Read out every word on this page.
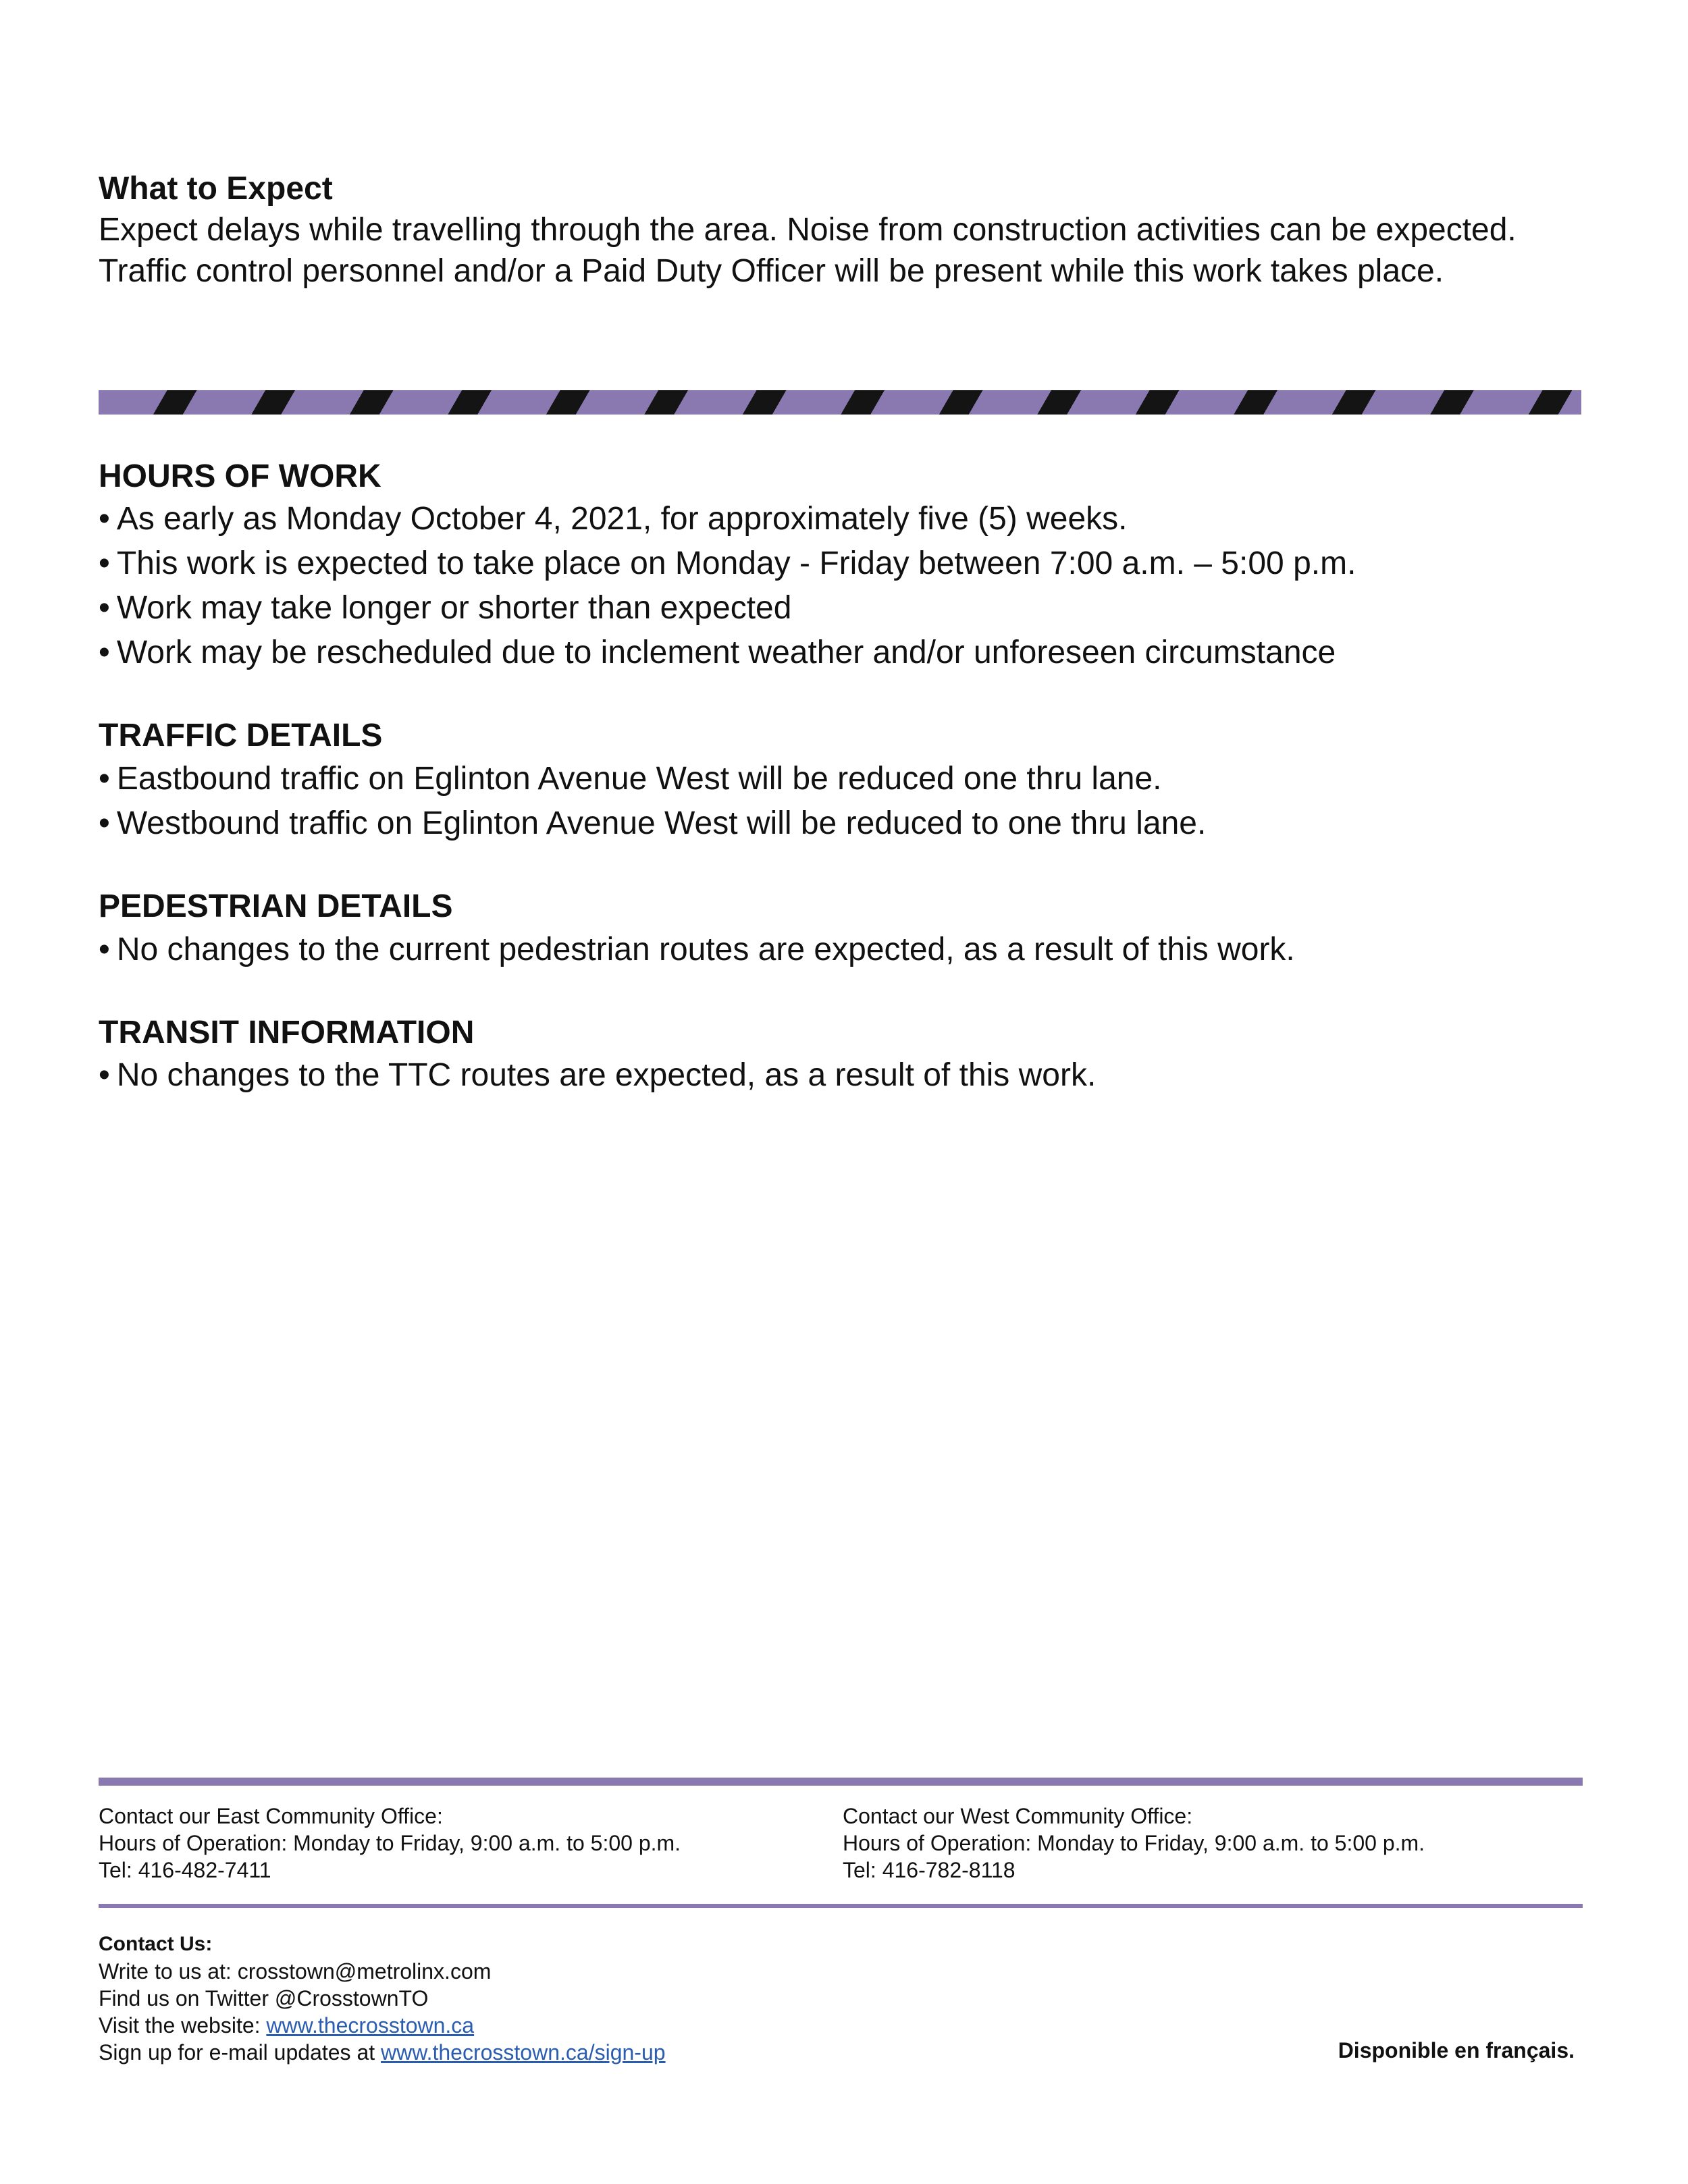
What to Expect
Expect delays while travelling through the area. Noise from construction activities can be expected. Traffic control personnel and/or a Paid Duty Officer will be present while this work takes place.
HOURS OF WORK
• As early as Monday October 4, 2021, for approximately five (5) weeks.
• This work is expected to take place on Monday - Friday between 7:00 a.m. – 5:00 p.m.
• Work may take longer or shorter than expected
• Work may be rescheduled due to inclement weather and/or unforeseen circumstance
TRAFFIC DETAILS
• Eastbound traffic on Eglinton Avenue West will be reduced one thru lane.
• Westbound traffic on Eglinton Avenue West will be reduced to one thru lane.
PEDESTRIAN DETAILS
• No changes to the current pedestrian routes are expected, as a result of this work.
TRANSIT INFORMATION
• No changes to the TTC routes are expected, as a result of this work.
Contact our East Community Office:
Hours of Operation: Monday to Friday, 9:00 a.m. to 5:00 p.m.
Tel: 416-482-7411
Contact our West Community Office:
Hours of Operation: Monday to Friday, 9:00 a.m. to 5:00 p.m.
Tel: 416-782-8118
Contact Us:
Write to us at: crosstown@metrolinx.com
Find us on Twitter @CrosstownTO
Visit the website: www.thecrosstown.ca
Sign up for e-mail updates at www.thecrosstown.ca/sign-up	Disponible en français.
